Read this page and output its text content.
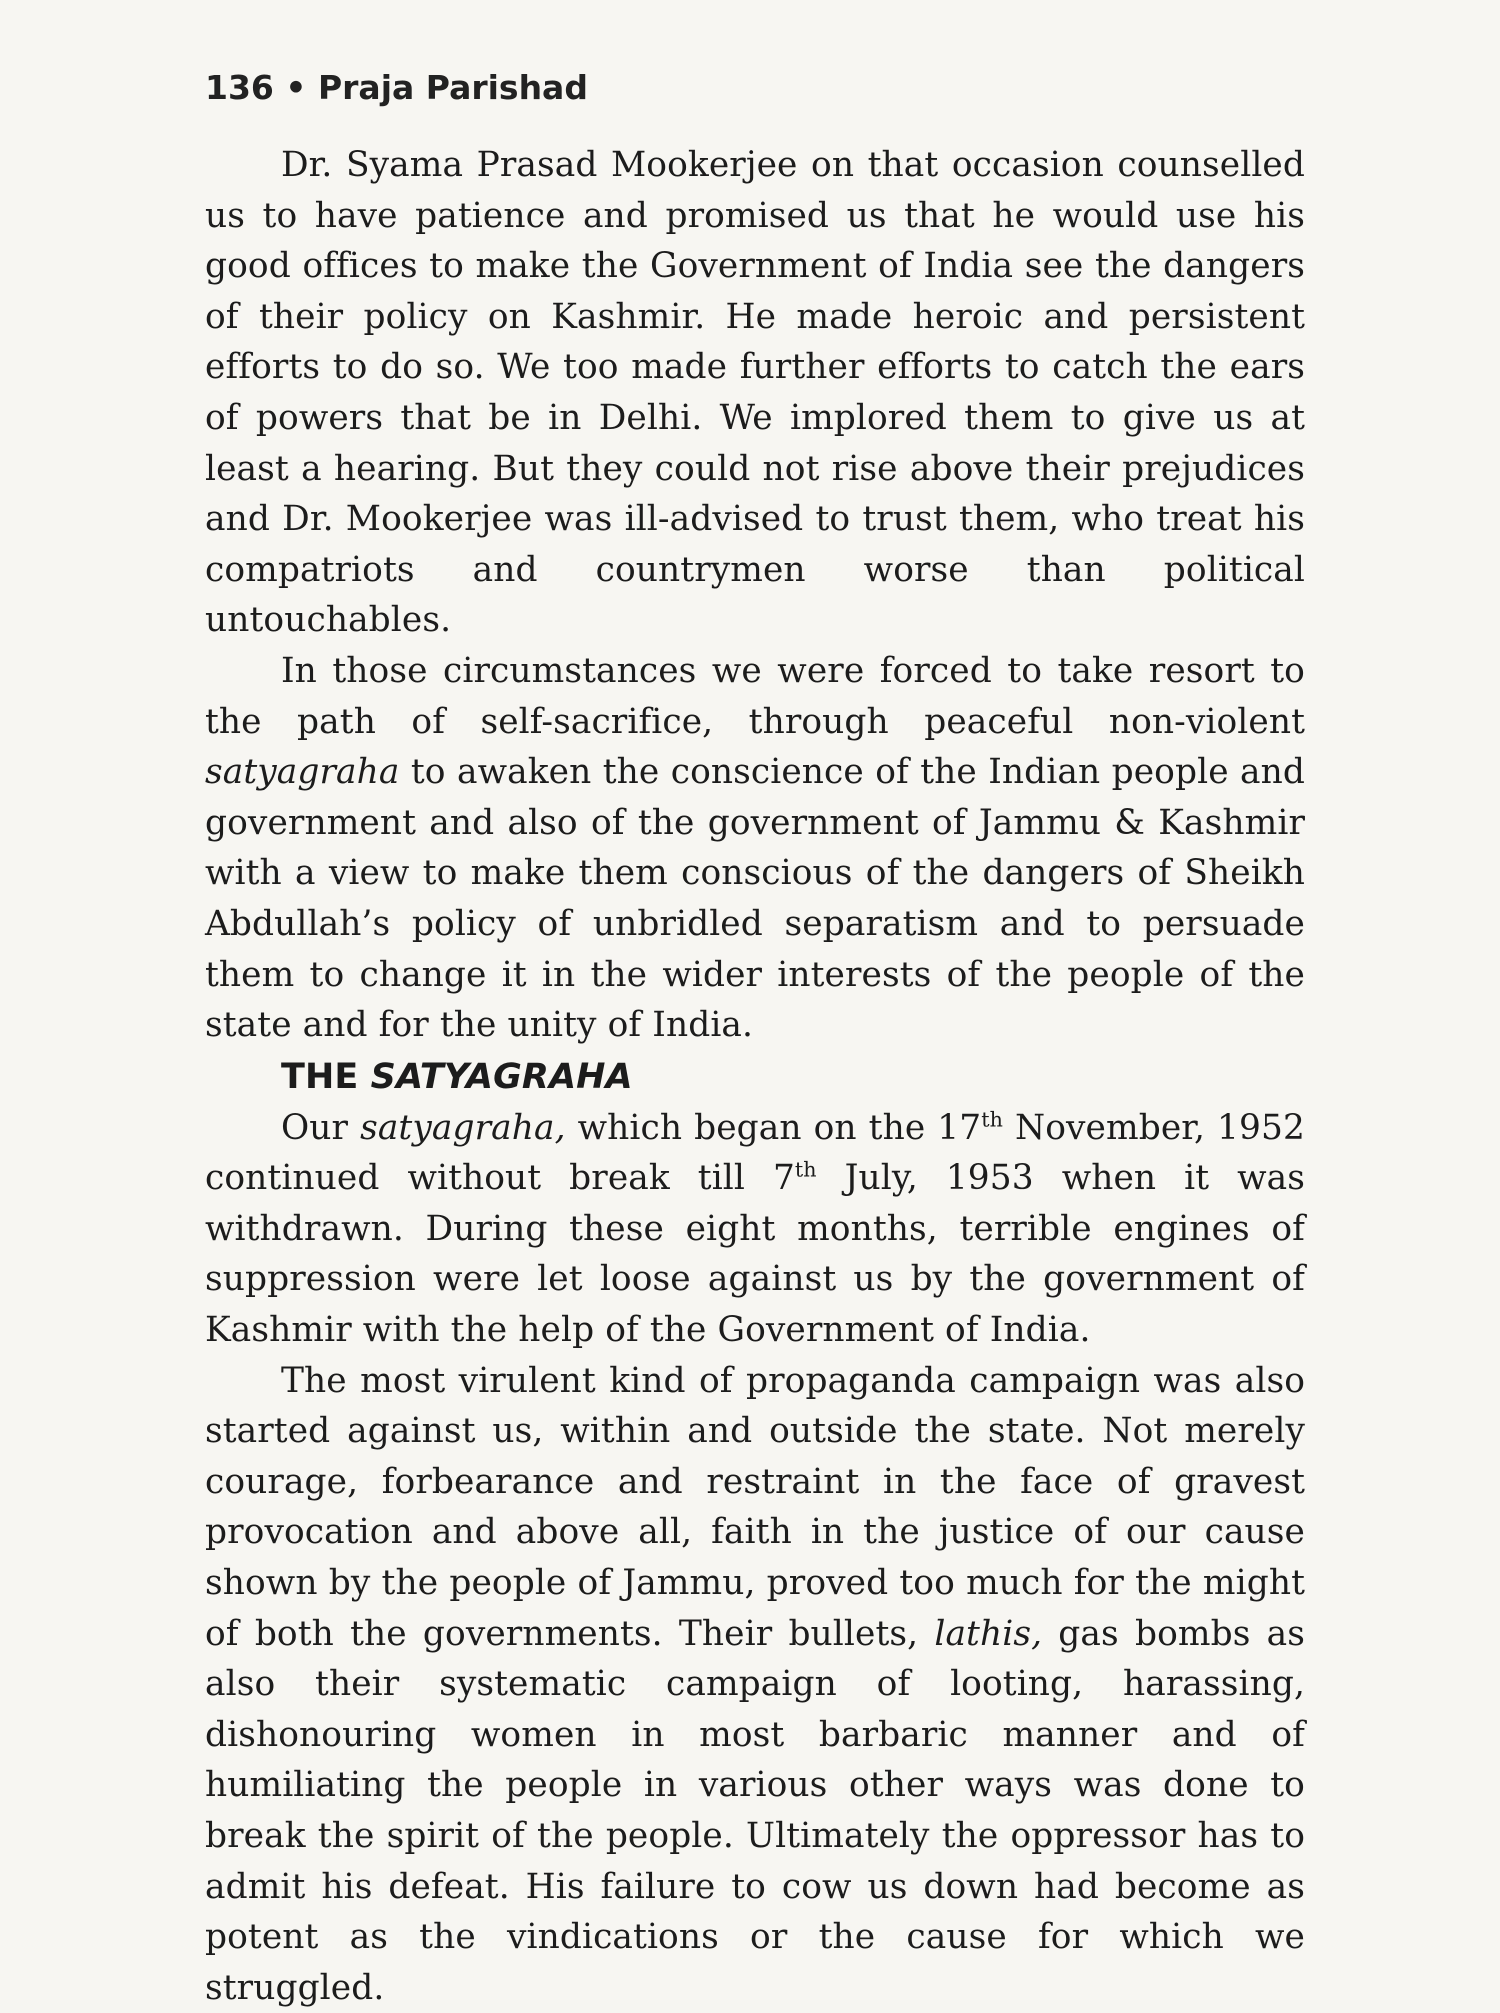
136 • Praja Parishad

Dr. Syama Prasad Mookerjee on that occasion counselled us to have patience and promised us that he would use his good offices to make the Government of India see the dangers of their policy on Kashmir. He made heroic and persistent efforts to do so. We too made further efforts to catch the ears of powers that be in Delhi. We implored them to give us at least a hearing. But they could not rise above their prejudices and Dr. Mookerjee was ill-advised to trust them, who treat his compatriots and countrymen worse than political untouchables.

In those circumstances we were forced to take resort to the path of self-sacrifice, through peaceful non-violent satyagraha to awaken the conscience of the Indian people and government and also of the government of Jammu & Kashmir with a view to make them conscious of the dangers of Sheikh Abdullah’s policy of unbridled separatism and to persuade them to change it in the wider interests of the people of the state and for the unity of India.

THE SATYAGRAHA

Our satyagraha, which began on the 17th November, 1952 continued without break till 7th July, 1953 when it was withdrawn. During these eight months, terrible engines of suppression were let loose against us by the government of Kashmir with the help of the Government of India.

The most virulent kind of propaganda campaign was also started against us, within and outside the state. Not merely courage, forbearance and restraint in the face of gravest provocation and above all, faith in the justice of our cause shown by the people of Jammu, proved too much for the might of both the governments. Their bullets, lathis, gas bombs as also their systematic campaign of looting, harassing, dishonouring women in most barbaric manner and of humiliating the people in various other ways was done to break the spirit of the people. Ultimately the oppressor has to admit his defeat. His failure to cow us down had become as potent as the vindications or the cause for which we struggled.
